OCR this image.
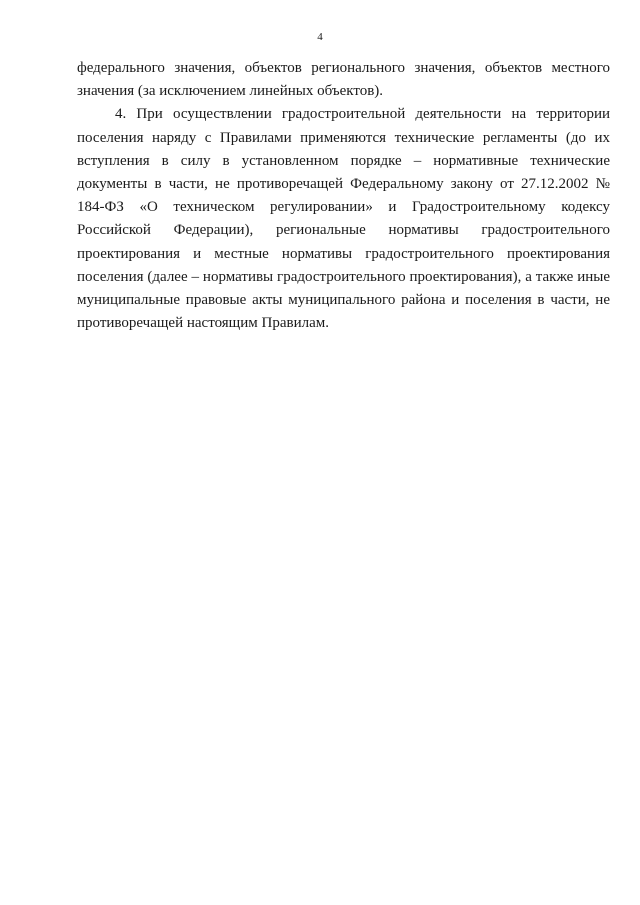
4

федерального значения, объектов регионального значения, объектов местного значения (за исключением линейных объектов).

4. При осуществлении градостроительной деятельности на территории поселения наряду с Правилами применяются технические регламенты (до их вступления в силу в установленном порядке – нормативные технические документы в части, не противоречащей Федеральному закону от 27.12.2002 № 184-ФЗ «О техническом регулировании» и Градостроительному кодексу Российской Федерации), региональные нормативы градостроительного проектирования и местные нормативы градостроительного проектирования поселения (далее – нормативы градостроительного проектирования), а также иные муниципальные правовые акты муниципального района и поселения в части, не противоречащей настоящим Правилам.
